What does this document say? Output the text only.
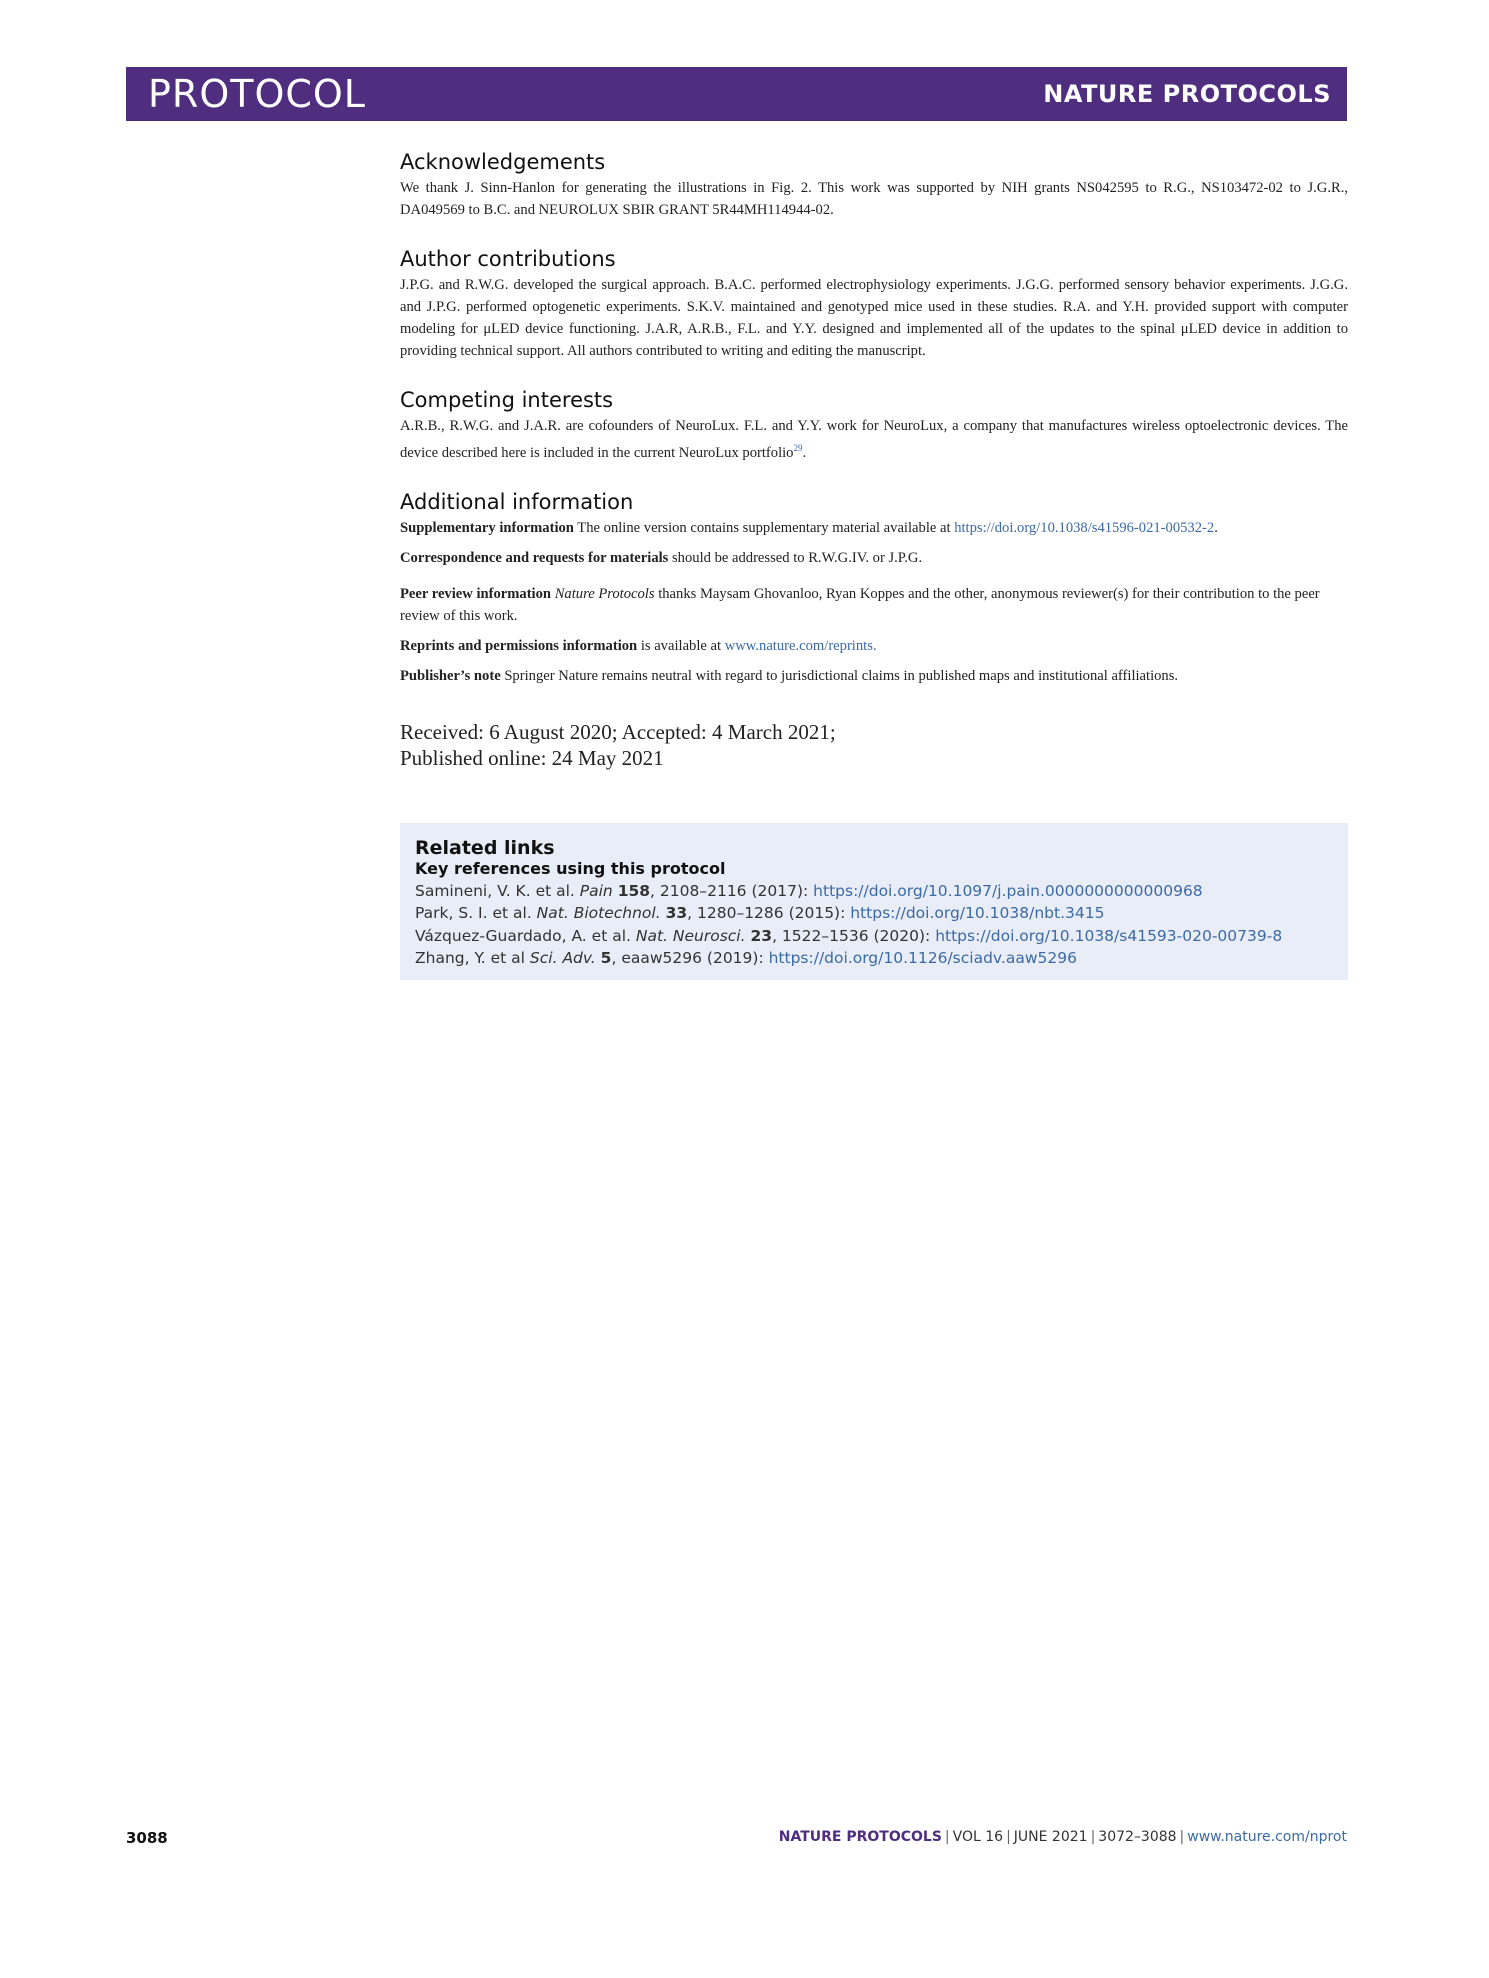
PROTOCOL	NATURE PROTOCOLS
Acknowledgements

We thank J. Sinn-Hanlon for generating the illustrations in Fig. 2. This work was supported by NIH grants NS042595 to R.G., NS103472-02 to J.G.R., DA049569 to B.C. and NEUROLUX SBIR GRANT 5R44MH114944-02.

Author contributions

J.P.G. and R.W.G. developed the surgical approach. B.A.C. performed electrophysiology experiments. J.G.G. performed sensory behavior experiments. J.G.G. and J.P.G. performed optogenetic experiments. S.K.V. maintained and genotyped mice used in these studies. R.A. and Y.H. provided support with computer modeling for μLED device functioning. J.A.R, A.R.B., F.L. and Y.Y. designed and implemented all of the updates to the spinal μLED device in addition to providing technical support. All authors contributed to writing and editing the manuscript.

Competing interests

A.R.B., R.W.G. and J.A.R. are cofounders of NeuroLux. F.L. and Y.Y. work for NeuroLux, a company that manufactures wireless optoelectronic devices. The device described here is included in the current NeuroLux portfolio$^{29}$.

Additional information

Supplementary information The online version contains supplementary material available at https://doi.org/10.1038/s41596-021-00532-2.

Correspondence and requests for materials should be addressed to R.W.G.IV. or J.P.G.

Peer review information Nature Protocols thanks Maysam Ghovanloo, Ryan Koppes and the other, anonymous reviewer(s) for their contribution to the peer review of this work.

Reprints and permissions information is available at www.nature.com/reprints.

Publisher’s note Springer Nature remains neutral with regard to jurisdictional claims in published maps and institutional affiliations.

Received: 6 August 2020; Accepted: 4 March 2021;
Published online: 24 May 2021
Related links
Key references using this protocol
Samineni, V. K. et al. Pain 158, 2108–2116 (2017): https://doi.org/10.1097/j.pain.0000000000000968
Park, S. I. et al. Nat. Biotechnol. 33, 1280–1286 (2015): https://doi.org/10.1038/nbt.3415
Vázquez-Guardado, A. et al. Nat. Neurosci. 23, 1522–1536 (2020): https://doi.org/10.1038/s41593-020-00739-8
Zhang, Y. et al Sci. Adv. 5, eaaw5296 (2019): https://doi.org/10.1126/sciadv.aaw5296
3088	NATURE PROTOCOLS | VOL 16 | JUNE 2021 | 3072–3088 | www.nature.com/nprot
